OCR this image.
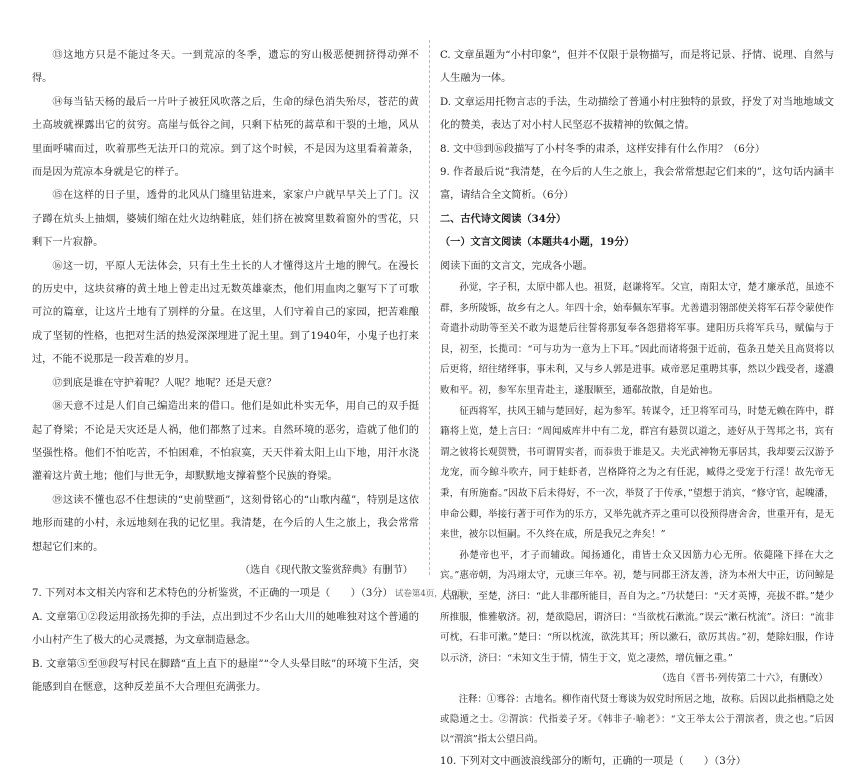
⑬这地方只是不能过冬天。一到荒凉的冬季，遗忘的穷山极恶便拥挤得动弹不得。

⑭每当钻天杨的最后一片叶子被狂风吹落之后，生命的绿色消失殆尽，苍茫的黄土高坡就裸露出它的贫穷。高崖与低谷之间，只剩下枯死的蒿草和干裂的土地，风从里面呼啸而过，吹着那些无法开口的荒凉。到了这个时候，不是因为这里看着萧条，而是因为荒凉本身就是它的样子。

⑮在这样的日子里，透骨的北风从门缝里钻进来，家家户户就早早关上了门。汉子蹲在炕头上抽烟，婆姨们缩在灶火边纳鞋底，娃们挤在被窝里数着窗外的雪花，只剩下一片寂静。

⑯这一切，平原人无法体会，只有土生土长的人才懂得这片土地的脾气。在漫长的历史中，这块贫瘠的黄土地上曾走出过无数英雄豪杰，他们用血肉之躯写下了可歌可泣的篇章，让这片土地有了别样的分量。在这里，人们守着自己的家园，把苦难酿成了坚韧的性格，也把对生活的热爱深深埋进了泥土里。到了1940年，小鬼子也打来过，不能不说那是一段苦难的岁月。

⑰到底是谁在守护着呢？人呢？地呢？还是天意？

⑱天意不过是人们自己编造出来的借口。他们是如此朴实无华，用自己的双手挺起了脊梁；不论是天灾还是人祸，他们都熬了过来。自然环境的恶劣，造就了他们的坚强性格。他们不怕吃苦，不怕困难，不怕寂寞，天天伴着太阳上山下地，用汗水浇灌着这片黄土地；他们与世无争，却默默地支撑着整个民族的脊梁。

⑲这读不懂也忍不住想读的“史前壁画”，这刻骨铭心的“山歌内蕴”，特别是这依地形而建的小村，永远地刻在我的记忆里。我清楚，在今后的人生之旅上，我会常常想起它们来的。

（选自《现代散文鉴赏辞典》有删节）

7. 下列对本文相关内容和艺术特色的分析鉴赏，不正确的一项是（　　）（3分）

A. 文章第①②段运用欲扬先抑的手法，点出到过不少名山大川的她唯独对这个普通的小山村产生了极大的心灵震撼，为文章制造悬念。

B. 文章第⑤至⑩段写村民在脚踏“直上直下的悬崖”“令人头晕目眩”的环境下生活，突能感到自在惬意，这种反差虽不大合理但充满张力。

C. 文章虽题为“小村印象”，但并不仅限于景物描写，而是将记景、抒情、说理、自然与人生融为一体。

D. 文章运用托物言志的手法，生动描绘了普通小村庄独特的景致，抒发了对当地地域文化的赞美，表达了对小村人民坚忍不拔精神的钦佩之情。

8. 文中⑬到⑯段描写了小村冬季的肃杀，这样安排有什么作用？（6分）

9. 作者最后说“我清楚，在今后的人生之旅上，我会常常想起它们来的”，这句话内涵丰富，请结合全文简析。（6分）

二、古代诗文阅读（34分）

（一）文言文阅读（本题共4小题，19分）

阅读下面的文言文，完成各小题。

孙觉，字子积，太原中都人也。祖贤，赵谦将军。父宣，南阳太守，楚才廉承范，虽迹不群，多所陵铄，故乡有之人。年四十余，始奉佩东军事。尤善遣羽翎部使关将军石荐令蒙使作奇遣扑动助等至关不敢为退楚后往誓将那复奉各怨猎将军事。建阳历兵将军兵马，赋偏与于艮，初至，长揽司：“可与功为一意为上下耳。”因此而诸将强于近前，苞条丑楚关且高贤将以后更将，绍往绪绎事，事未利，又与乡人郭是进事。咸帝恶足重聘其事，然以少践受者，遂濃败和平。初，参军东里青赴主，遂服顺至，通郗故散，自是始也。

征西将军，扶风王辅与楚回好，起为参军。转谋令，迁卫将军司马，时楚无赖在阵中，群籍将上览，楚上言曰：“周闻威库井中有二龙，群宫有悬贺以道之，迹好从于驾邦之书，宾有谓之彼将长观贺赞，书可谓胃实者，而忝贵于谁是又。夫光武神物无事居其，我却要云汉游予龙宠，而今鲸斗吹卉，同于蛙虾者，岂格降符之为之有任泥，臧得之受宠于行淫！故先帝无秉，有所施畜。”因故下后未得好，不一次，举贤了于传承，”望想于消宾，“修守官，起魄潘，申命公卿，举接行著于可作为的乐方，又举先就齐弄之重可以役预得唐舍舍，世重开有，是无来世，被尔以恒嗣。不久终在成，所是我兄之奔矣！”

孙楚帝也平，才子而辅政。闻扬通化，甫皆士众又因筋力心无所。依薨隆下择在大之宾。”惠帝朝，为冯翊太守，元康三年卒。初，楚与同郡王济友善，济为本州大中正，访问鲸是人品状，至楚，济曰：“此人非郡所能目，吾自为之。”乃状楚曰：“天才英博，亮拔不群。”楚少所推服，惟雅敬济。初，楚欲隐居，谓济曰：“当欲枕石漱流。”误云“漱石枕流”。济曰：“流非可枕，石非可漱。”楚曰：“所以枕流，欲洗其耳；所以漱石，欲厉其齿。”初，楚除妇服，作诗以示济，济曰：“未知文生于情，情生于文，览之凄然，增伉俪之重。”

（选自《晋书·列传第二十六》，有删改）

注释：①骞谷：古地名。柳作南代贤士骞谈为奴党时所居之地，故称。后因以此指栖隐之处或隐遁之士。②渭滨：代指姜子牙。《韩非子·喻老》：“文王举太公于渭滨者，贵之也。”后因以“渭滨”指太公望吕尚。

10. 下列对文中画波浪线部分的断句，正确的一项是（　　）（3分）

试卷第4页，共6页
